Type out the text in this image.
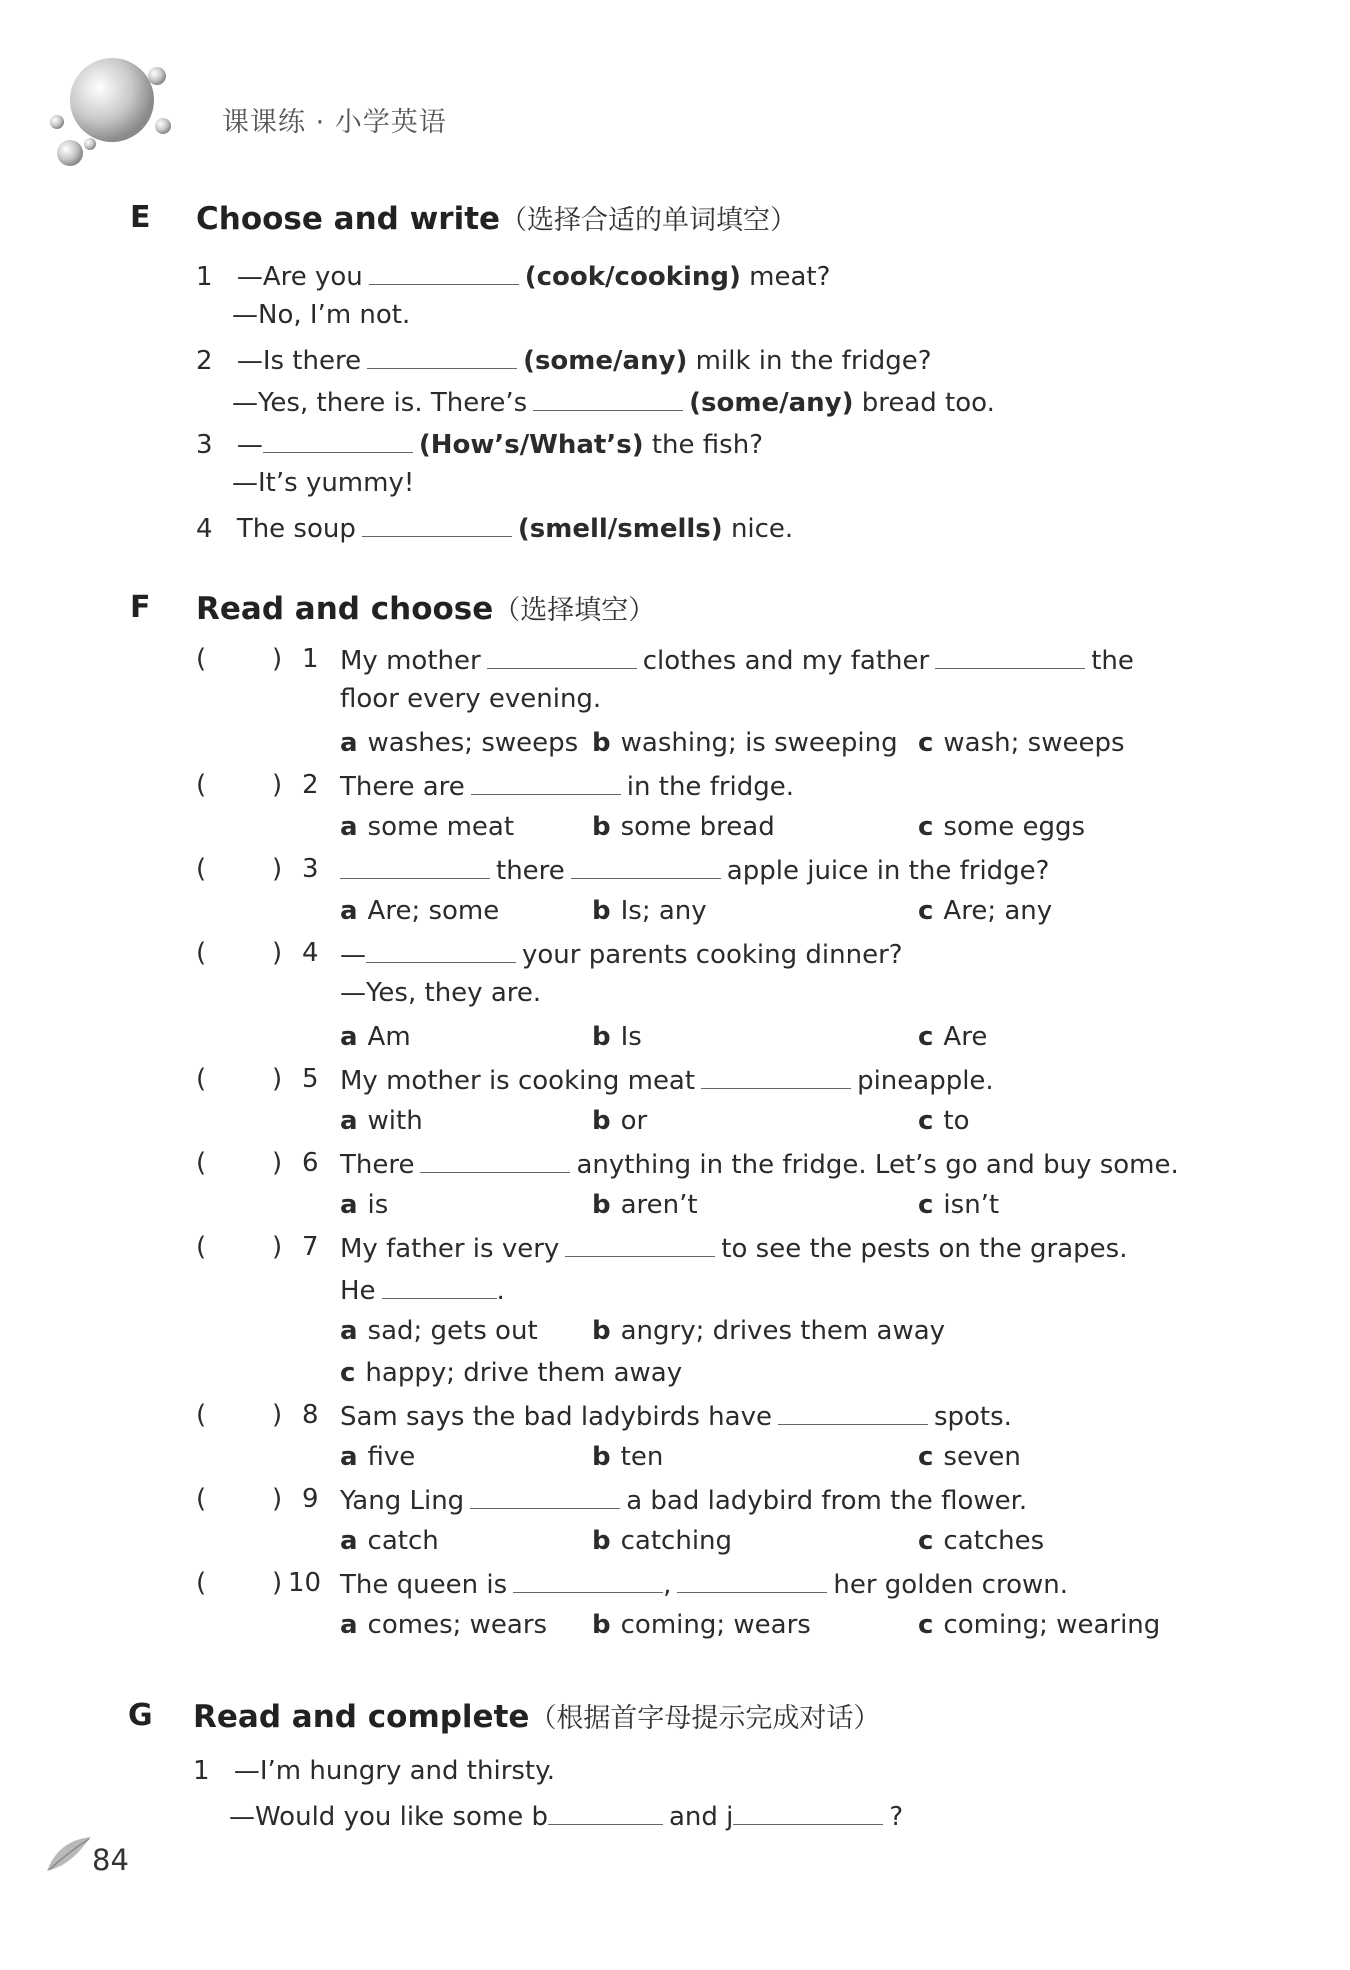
课课练 · 小学英语
E Choose and write（选择合适的单词填空）
1 —Are you	(cook/cooking) meat?
—No, I’m not.
2 —Is there	(some/any) milk in the fridge?
—Yes, there is. There’s	(some/any) bread too.
3 —	(How’s/What’s) the fish?
—It’s yummy!
4 The soup	(smell/smells) nice.
F Read and choose（选择填空）
(	) 1 My mother	clothes and my father	the
floor every evening.
a washes; sweeps b washing; is sweeping c wash; sweeps
(	) 2 There are	in the fridge.
a some meat	b some bread	c some eggs
(	) 3	there	apple juice in the fridge?
a Are; some	b Is; any	c Are; any
(	) 4 —	your parents cooking dinner?
—Yes, they are.
a Am	b Is	c Are
(	) 5 My mother is cooking meat	pineapple.
a with	b or	c to
(	) 6 There	anything in the fridge. Let’s go and buy some.
a is	b aren’t	c isn’t
(	) 7 My father is very	to see the pests on the grapes.
He	.
a sad; gets out b angry; drives them away
c happy; drive them away
(	) 8 Sam says the bad ladybirds have	spots.
a five	b ten	c seven
(	) 9 Yang Ling	a bad ladybird from the flower.
a catch	b catching	c catches
(	) 10 The queen is	,	her golden crown.
a comes; wears b coming; wears	c coming; wearing
G Read and complete（根据首字母提示完成对话）
1 —I’m hungry and thirsty.
—Would you like some b	and j	?
84
